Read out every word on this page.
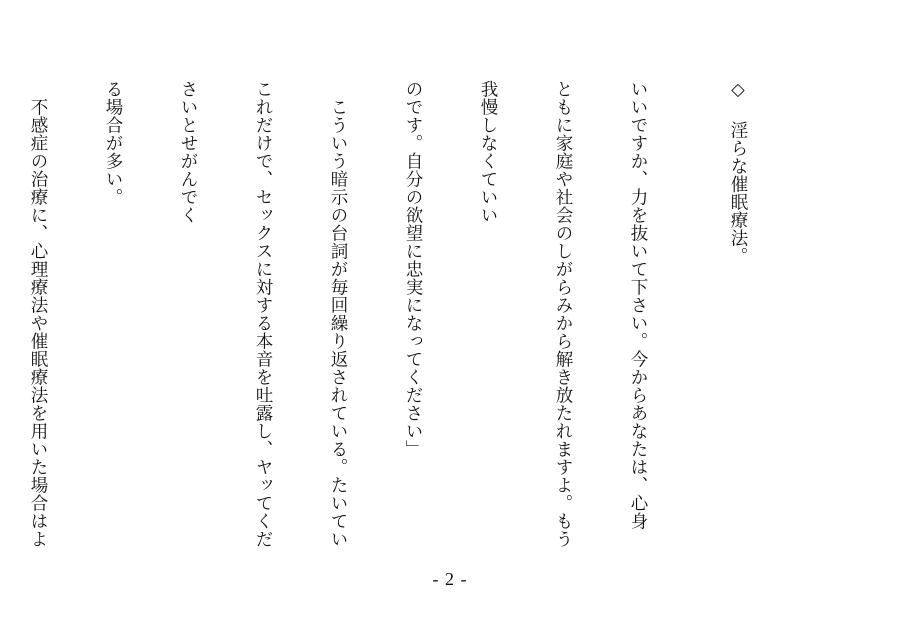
◇ 淫らな催眠療法。

いいですか、力を抜いて下さい。今からあなたは、心身

ともに家庭や社会のしがらみから解き放たれますよ。もう

我慢しなくていい

のです。自分の欲望に忠実になってください」

　こういう暗示の台詞が毎回繰り返されている。たいてい

これだけで、セックスに対する本音を吐露し、ヤッてくだ

さいとせがんでく

る場合が多い。

　不感症の治療に、心理療法や催眠療法を用いた場合はよ

- 2 -
